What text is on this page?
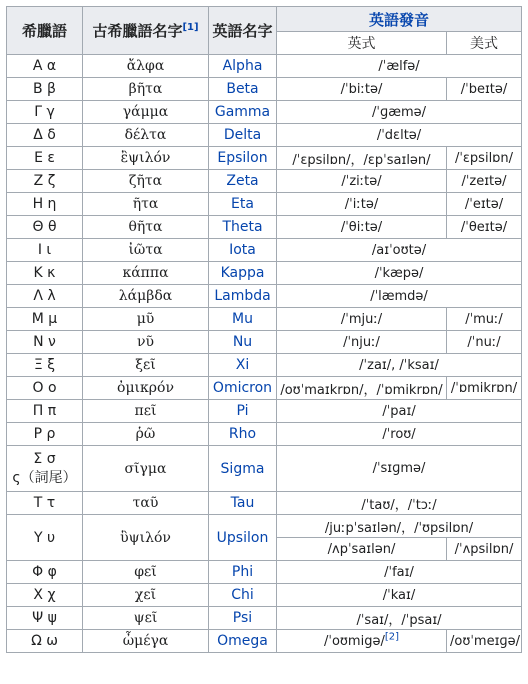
希臘語	古希臘語名字[1]	英語名字	英語發音	
			英式	美式
Α α	ἄλφα	Alpha	/ˈælfə/	
Β β	βῆτα	Beta	/ˈbiːtə/	/ˈbeɪtə/
Γ γ	γάμμα	Gamma	/ˈɡæmə/	
Δ δ	δέλτα	Delta	/ˈdɛltə/	
Ε ε	ἒψιλόν	Epsilon	/ˈɛpsilɒn/，/ɛpˈsaɪlən/	/ˈɛpsilɒn/
Ζ ζ	ζῆτα	Zeta	/ˈziːtə/	/ˈzeɪtə/
Η η	ῆτα	Eta	/ˈiːtə/	/ˈeɪtə/
Θ θ	θῆτα	Theta	/ˈθiːtə/	/ˈθeɪtə/
Ι ι	ἰῶτα	Iota	/aɪˈoʊtə/	
Κ κ	κάππα	Kappa	/ˈkæpə/	
Λ λ	λάμβδα	Lambda	/ˈlæmdə/	
Μ μ	μῦ	Mu	/ˈmjuː/	/ˈmuː/
Ν ν	νῦ	Nu	/ˈnjuː/	/ˈnuː/
Ξ ξ	ξεῖ	Xi	/ˈzaɪ/, /ˈksaɪ/	
Ο ο	ὀμικρόν	Omicron	/oʊˈmaɪkrɒn/，/ˈɒmikrɒn/	/ˈɒmikrɒn/
Π π	πεῖ	Pi	/ˈpaɪ/	
Ρ ρ	ῥῶ	Rho	/ˈroʊ/	

Σ σ
ς（詞尾）	σῖγμα	Sigma	/ˈsɪɡmə/	
Τ τ	ταῦ	Tau	/ˈtaʊ/，/ˈtɔː/	
Υ υ	ὓψιλόν	Upsilon	/juːpˈsaɪlən/，/ˈʊpsilɒn/	
			/ʌpˈsaɪlən/	/ˈʌpsilɒn/
Φ φ	φεῖ	Phi	/ˈfaɪ/	
Χ χ	χεῖ	Chi	/ˈkaɪ/	
Ψ ψ	ψεῖ	Psi	/ˈsaɪ/，/ˈpsaɪ/	
Ω ω	ὦμέγα	Omega	/ˈoʊmigə/[2]	/oʊˈmeɪɡə/
